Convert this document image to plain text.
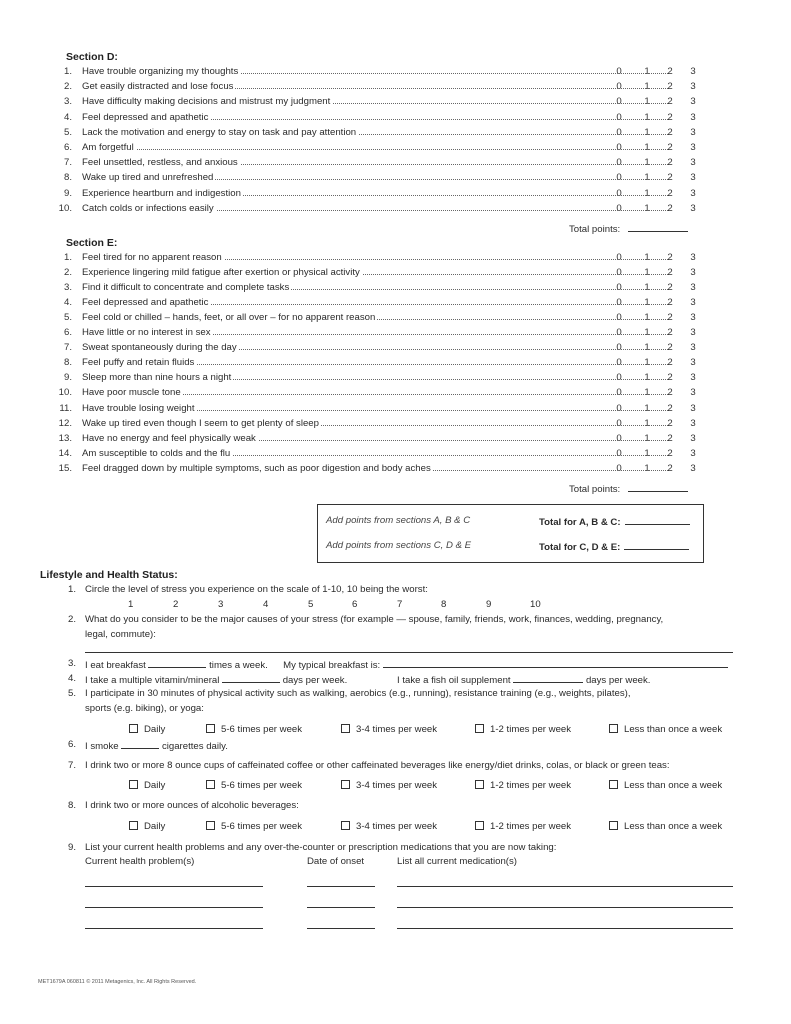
Section D:
1. Have trouble organizing my thoughts	0 1 2 3
2. Get easily distracted and lose focus	0 1 2 3
3. Have difficulty making decisions and mistrust my judgment	0 1 2 3
4. Feel depressed and apathetic	0 1 2 3
5. Lack the motivation and energy to stay on task and pay attention	0 1 2 3
6. Am forgetful	0 1 2 3
7. Feel unsettled, restless, and anxious	0 1 2 3
8. Wake up tired and unrefreshed	0 1 2 3
9. Experience heartburn and indigestion	0 1 2 3
10. Catch colds or infections easily	0 1 2 3
Total points:
Section E:
1. Feel tired for no apparent reason	0 1 2 3
2. Experience lingering mild fatigue after exertion or physical activity	0 1 2 3
3. Find it difficult to concentrate and complete tasks	0 1 2 3
4. Feel depressed and apathetic	0 1 2 3
5. Feel cold or chilled – hands, feet, or all over – for no apparent reason	0 1 2 3
6. Have little or no interest in sex	0 1 2 3
7. Sweat spontaneously during the day	0 1 2 3
8. Feel puffy and retain fluids	0 1 2 3
9. Sleep more than nine hours a night	0 1 2 3
10. Have poor muscle tone	0 1 2 3
11. Have trouble losing weight	0 1 2 3
12. Wake up tired even though I seem to get plenty of sleep	0 1 2 3
13. Have no energy and feel physically weak	0 1 2 3
14. Am susceptible to colds and the flu	0 1 2 3
15. Feel dragged down by multiple symptoms, such as poor digestion and body aches	0 1 2 3
Total points:
Add points from sections A, B & C	Total for A, B & C:
Add points from sections C, D & E	Total for C, D & E:
Lifestyle and Health Status:
1. Circle the level of stress you experience on the scale of 1-10, 10 being the worst:
1	2	3	4	5	6	7	8	9	10
2. What do you consider to be the major causes of your stress (for example — spouse, family, friends, work, finances, wedding, pregnancy,
legal, commute):
3. I eat breakfast	times a week. My typical breakfast is:
4. I take a multiple vitamin/mineral	days per week.	I take a fish oil supplement	days per week.
5. I participate in 30 minutes of physical activity such as walking, aerobics (e.g., running), resistance training (e.g., weights, pilates),
sports (e.g. biking), or yoga:
Daily	5-6 times per week	3-4 times per week	1-2 times per week	Less than once a week
6. I smoke	cigarettes daily.
7. I drink two or more 8 ounce cups of caffeinated coffee or other caffeinated beverages like energy/diet drinks, colas, or black or green teas:
Daily	5-6 times per week	3-4 times per week	1-2 times per week	Less than once a week
8. I drink two or more ounces of alcoholic beverages:
Daily	5-6 times per week	3-4 times per week	1-2 times per week	Less than once a week
9. List your current health problems and any over-the-counter or prescription medications that you are now taking:
Current health problem(s)	Date of onset	List all current medication(s)
MET1679A 060811 © 2011 Metagenics, Inc. All Rights Reserved.
